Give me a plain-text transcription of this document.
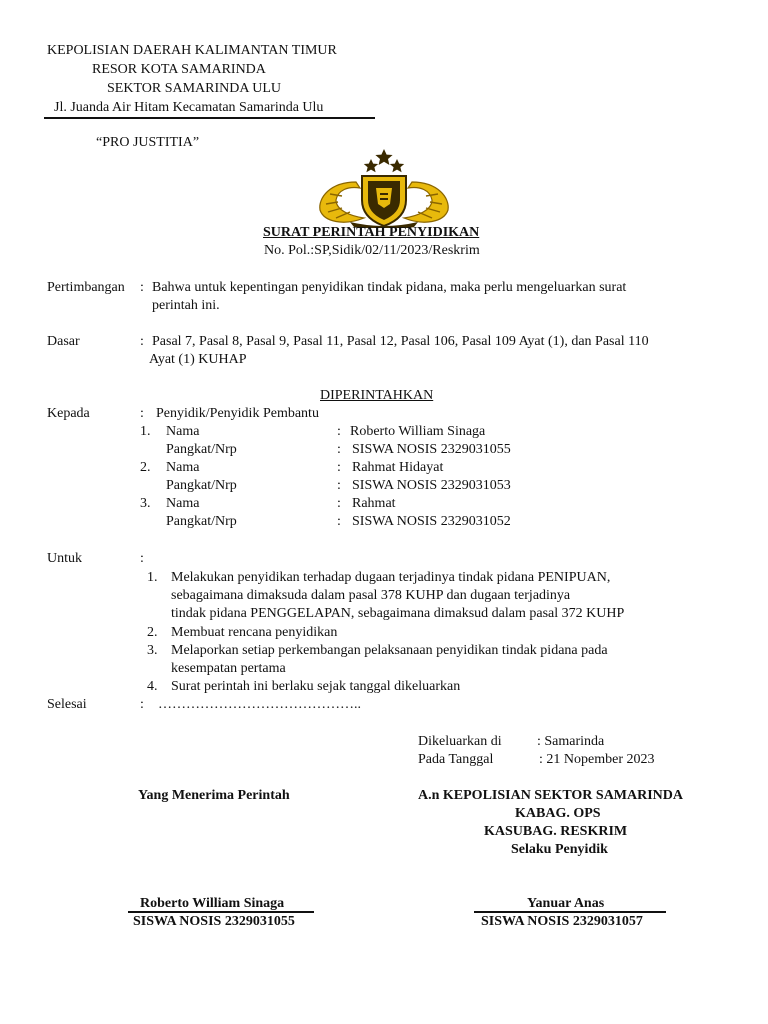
KEPOLISIAN DAERAH KALIMANTAN TIMUR
RESOR KOTA SAMARINDA
SEKTOR SAMARINDA ULU
Jl. Juanda Air Hitam Kecamatan Samarinda Ulu
“PRO JUSTITIA”
SURAT PERINTAH PENYIDIKAN
No. Pol.:SP,Sidik/02/11/2023/Reskrim
Pertimbangan : Bahwa untuk kepentingan penyidikan tindak pidana, maka perlu mengeluarkan surat
perintah ini.
Dasar	: Pasal 7, Pasal 8, Pasal 9, Pasal 11, Pasal 12, Pasal 106, Pasal 109 Ayat (1), dan Pasal 110
Ayat (1) KUHAP
DIPERINTAHKAN
Kepada	: Penyidik/Penyidik Pembantu
1. Nama	: Roberto William Sinaga
Pangkat/Nrp	: SISWA NOSIS 2329031055
2. Nama	: Rahmat Hidayat
Pangkat/Nrp	: SISWA NOSIS 2329031053
3. Nama	: Rahmat
Pangkat/Nrp	: SISWA NOSIS 2329031052
Untuk	:
1. Melakukan penyidikan terhadap dugaan terjadinya tindak pidana PENIPUAN,
sebagaimana dimaksuda dalam pasal 378 KUHP dan dugaan terjadinya
tindak pidana PENGGELAPAN, sebagaimana dimaksud dalam pasal 372 KUHP
2. Membuat rencana penyidikan
3. Melaporkan setiap perkembangan pelaksanaan penyidikan tindak pidana pada
kesempatan pertama
4. Surat perintah ini berlaku sejak tanggal dikeluarkan
Selesai	: ……………………………………..
Dikeluarkan di	: Samarinda
Pada Tanggal	: 21 Nopember 2023
Yang Menerima Perintah	A.n KEPOLISIAN SEKTOR SAMARINDA
KABAG. OPS
KASUBAG. RESKRIM
Selaku Penyidik
Roberto William Sinaga
SISWA NOSIS 2329031055
Yanuar Anas
SISWA NOSIS 2329031057
